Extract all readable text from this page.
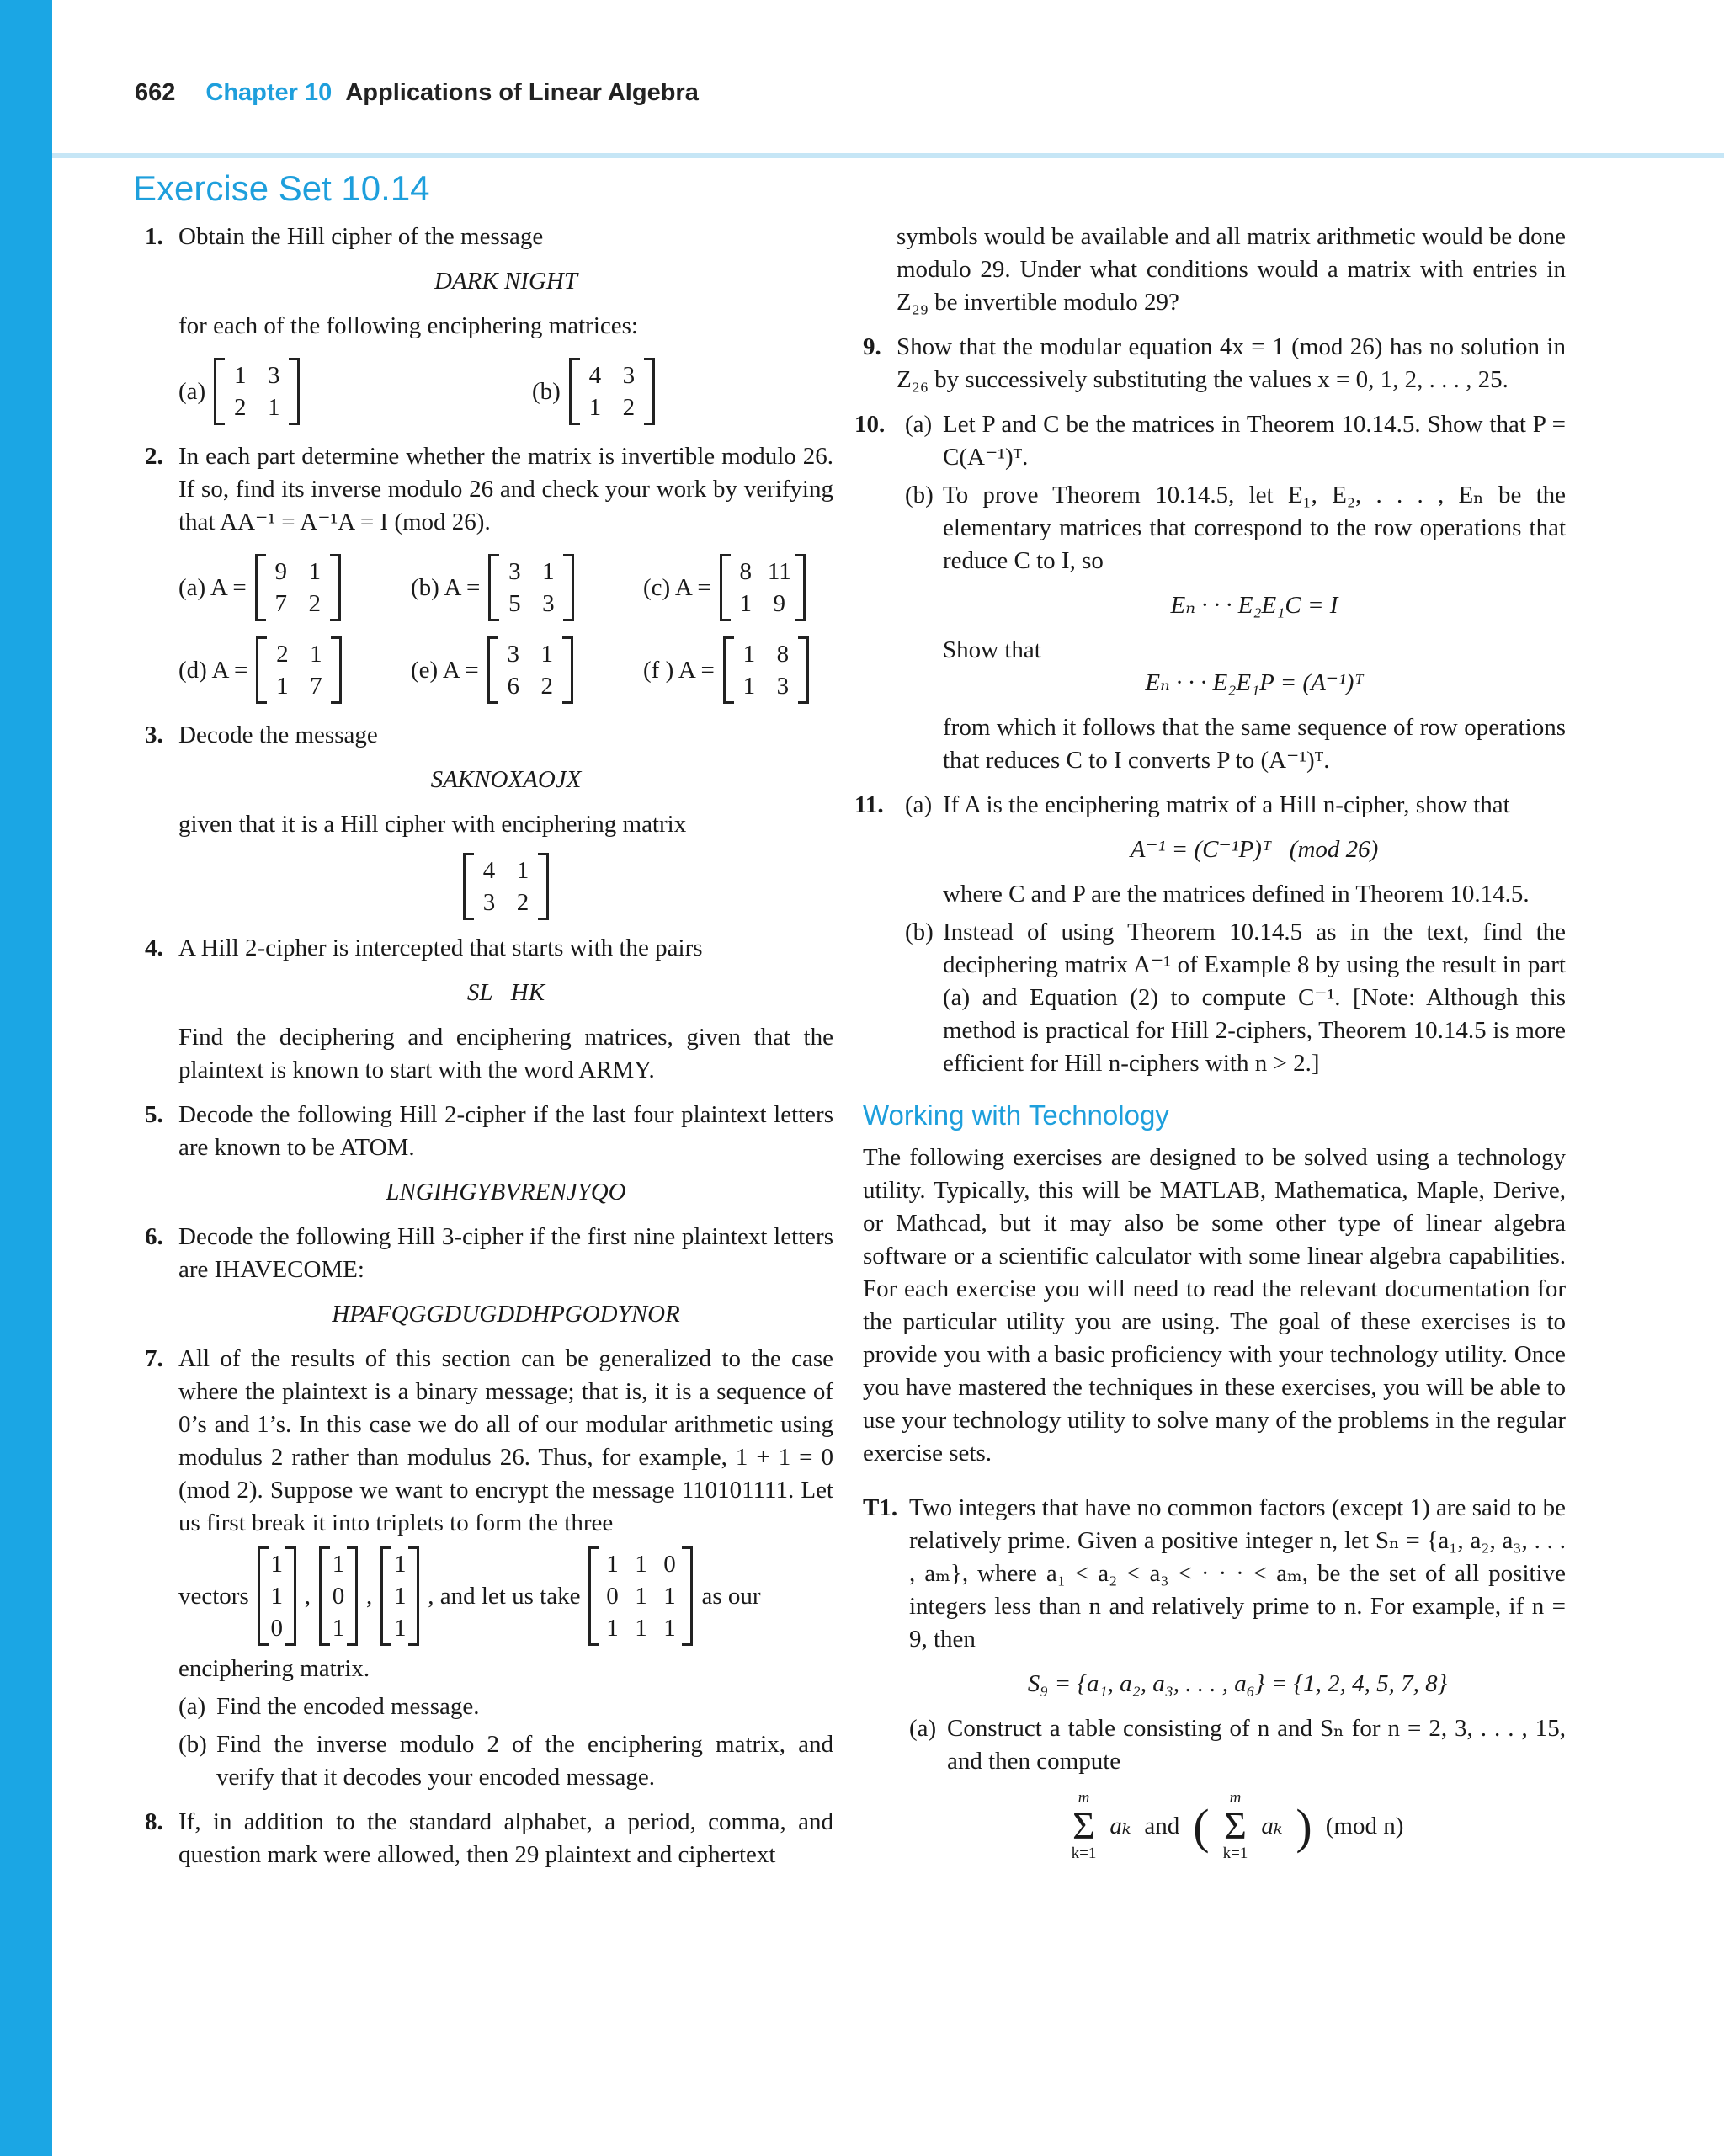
662 Chapter 10 Applications of Linear Algebra
Exercise Set 10.14
1. Obtain the Hill cipher of the message

DARK NIGHT

for each of the following enciphering matrices:

(a)
1 3
2 1
(b)
4 3
1 2
2. In each part determine whether the matrix is invertible modulo 26. If so, find its inverse modulo 26 and check your work by verifying that AA⁻¹ = A⁻¹A = I (mod 26).

(a) A =
9 1
7 2
(b) A =
3 1
5 3
(c) A =
8 11
1 9
(d) A =
2 1
1 7
(e) A =
3 1
6 2
(f ) A =
1 8
1 3
3. Decode the message

SAKNOXAOJX

given that it is a Hill cipher with enciphering matrix

4 1
3 2
4. A Hill 2-cipher is intercepted that starts with the pairs

SL   HK

Find the deciphering and enciphering matrices, given that the plaintext is known to start with the word ARMY.

5. Decode the following Hill 2-cipher if the last four plaintext letters are known to be ATOM.

LNGIHGYBVRENJYQO

6. Decode the following Hill 3-cipher if the first nine plaintext letters are IHAVECOME:

HPAFQGGDUGDDHPGODYNOR

7. All of the results of this section can be generalized to the case where the plaintext is a binary message; that is, it is a sequence of 0’s and 1’s. In this case we do all of our modular arithmetic using modulus 2 rather than modulus 26. Thus, for example, 1 + 1 = 0 (mod 2). Suppose we want to encrypt the message 110101111. Let us first break it into triplets to form the three

vectors
1
1
0
,
1
0
1
,
1
1
1
, and let us take
1 1 0
0 1 1
1 1 1
as our

enciphering matrix.

(a) Find the encoded message.
(b) Find the inverse modulo 2 of the enciphering matrix, and verify that it decodes your encoded message.
8. If, in addition to the standard alphabet, a period, comma, and question mark were allowed, then 29 plaintext and ciphertext

symbols would be available and all matrix arithmetic would be done modulo 29. Under what conditions would a matrix with entries in Z₂₉ be invertible modulo 29?

9. Show that the modular equation 4x = 1 (mod 26) has no solution in Z₂₆ by successively substituting the values x = 0, 1, 2, . . . , 25.

10. (a) Let P and C be the matrices in Theorem 10.14.5. Show that P = C(A⁻¹)ᵀ.
(b) To prove Theorem 10.14.5, let E₁, E₂, . . . , Eₙ be the elementary matrices that correspond to the row operations that reduce C to I, so
Eₙ · · · E₂E₁C = I
Show that
Eₙ · · · E₂E₁P = (A⁻¹)ᵀ
from which it follows that the same sequence of row operations that reduces C to I converts P to (A⁻¹)ᵀ.
11. (a) If A is the enciphering matrix of a Hill n-cipher, show that
A⁻¹ = (C⁻¹P)ᵀ   (mod 26)
where C and P are the matrices defined in Theorem 10.14.5.
(b) Instead of using Theorem 10.14.5 as in the text, find the deciphering matrix A⁻¹ of Example 8 by using the result in part (a) and Equation (2) to compute C⁻¹. [Note: Although this method is practical for Hill 2-ciphers, Theorem 10.14.5 is more efficient for Hill n-ciphers with n > 2.]
Working with Technology

The following exercises are designed to be solved using a technology utility. Typically, this will be MATLAB, Mathematica, Maple, Derive, or Mathcad, but it may also be some other type of linear algebra software or a scientific calculator with some linear algebra capabilities. For each exercise you will need to read the relevant documentation for the particular utility you are using. The goal of these exercises is to provide you with a basic proficiency with your technology utility. Once you have mastered the techniques in these exercises, you will be able to use your technology utility to solve many of the problems in the regular exercise sets.

T1. Two integers that have no common factors (except 1) are said to be relatively prime. Given a positive integer n, let Sₙ = {a₁, a₂, a₃, . . . , aₘ}, where a₁ < a₂ < a₃ < · · · < aₘ, be the set of all positive integers less than n and relatively prime to n. For example, if n = 9, then

S₉ = {a₁, a₂, a₃, . . . , a₆} = {1, 2, 4, 5, 7, 8}
(a) Construct a table consisting of n and Sₙ for n = 2, 3, . . . , 15, and then compute
m
Σ
k=1
aₖ and (
m
Σ
k=1
aₖ ) (mod n)
